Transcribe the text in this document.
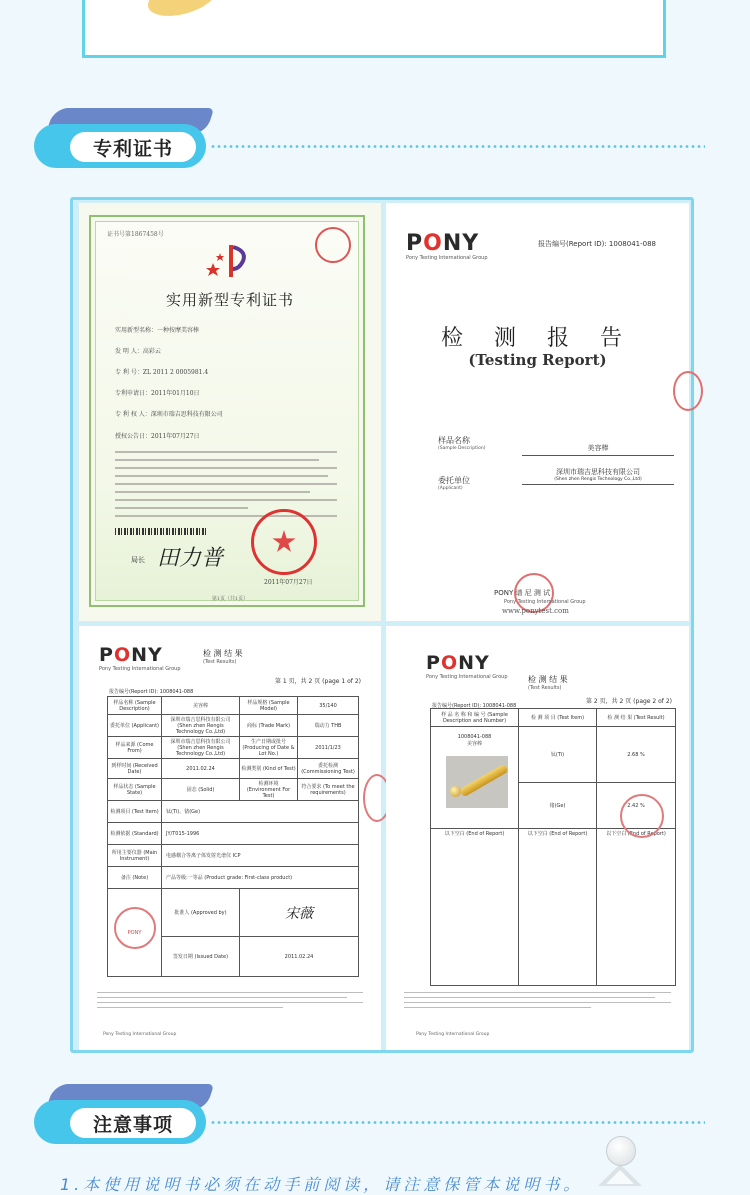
专利证书
证书号第1867458号
实用新型专利证书
实用新型名称：一种按摩美容棒
发 明 人：高彩云
专 利 号：ZL 2011 2 0005981.4
专利申请日：2011年01月10日
专 利 权 人：深圳市瑞吉思科技有限公司
授权公告日：2011年07月27日
局长 田力普
2011年07月27日
第1页（共1页）
PONY
Pony Testing International Group
报告编号(Report ID): 1008041-088
检 测 报 告
(Testing Report)
样品名称
(Sample Description)	美容棒
委托单位
(Applicant)
深圳市瑞吉思科技有限公司
(Shen zhen Rengis Technology Co.,Ltd)
PONY 谱 尼 测 试
Pony Testing International Group
www.ponytest.com
PONY
Pony Testing International Group
检 测 结 果
(Test Results)
第 1 页，共 2 页 (page 1 of 2)
报告编号(Report ID): 1008041-088
样品名称 (Sample Description)	美容棒	样品规格 (Sample Model)	35/140
委托单位 (Applicant)	深圳市瑞吉思科技有限公司 (Shen zhen Rengis Technology Co.,Ltd)	商标 (Trade Mark)	瑞动力 THB
样品来源 (Come From)	深圳市瑞吉思科技有限公司 (Shen zhen Rengis Technology Co.,Ltd)	生产日期或批号 (Producing of Date & Lot No.)	2011/1/23
到样时间 (Received Date)	2011.02.24	检测类别 (Kind of Test)	委托检测 (Commissioning Test)
样品状态 (Sample State)	固态 (Solid)	检测环境 (Environment For Test)	符合要求 (To meet the requirements)
检测项目 (Test Item)	钛(Ti)、锗(Ge)		
检测依据 (Standard)	JY/T015-1996		
所用主要仪器 (Main Instrument)	电感耦合等离子体发射光谱仪 ICP		
备注 (Note)	产品等级:一等品 (Product grade: First-class product)		

PONY	批准人 (Approved by)	宋薇	
	签发日期 (Issued Date)	2011.02.24	
Pony Testing International Group
PONY
Pony Testing International Group	检 测 结 果
(Test Results)
第 2 页，共 2 页 (page 2 of 2)
报告编号(Report ID): 1008041-088
样 品 名 称 和 编 号 (Sample Description and Number)	检 测 项 目 (Test Item)	检 测 结 果 (Test Result)

1008041-088
美容棒	钛(Ti)	2.68 %
	锗(Ge)	2.42 %
以下空白 (End of Report)	以下空白 (End of Report)	以下空白 (End of Report)
Pony Testing International Group
注意事项
1.本使用说明书必须在动手前阅读，请注意保管本说明书。
